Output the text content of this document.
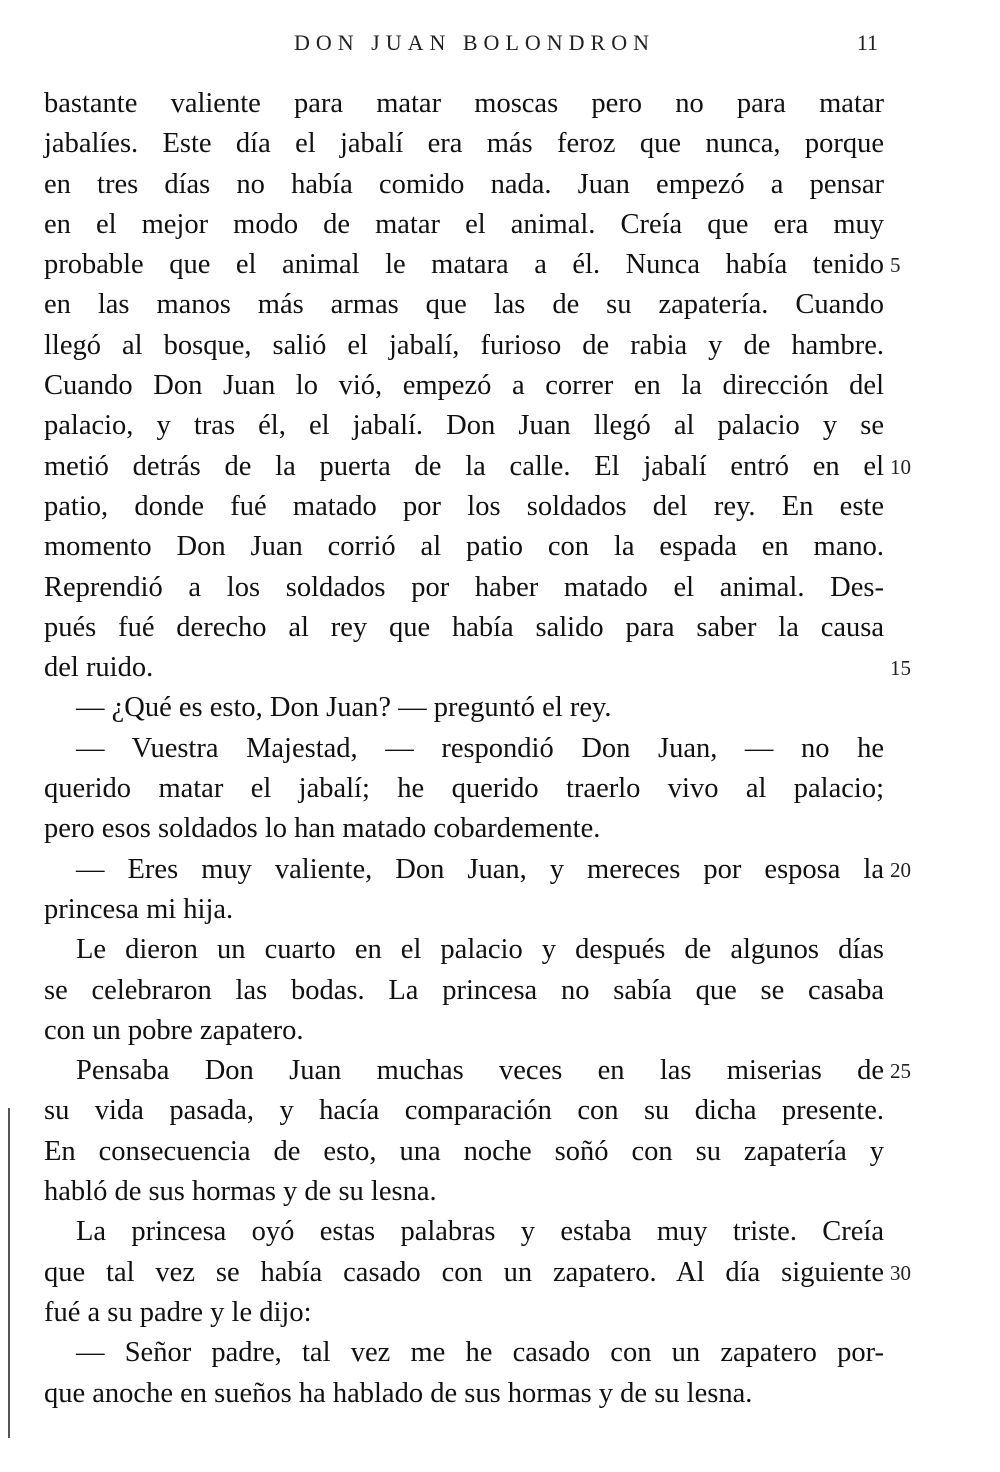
DON JUAN BOLONDRON	11
bastante valiente para matar moscas pero no para matar
jabalíes. Este día el jabalí era más feroz que nunca, porque
en tres días no había comido nada. Juan empezó a pensar
en el mejor modo de matar el animal. Creía que era muy
probable que el animal le matara a él. Nunca había tenido
en las manos más armas que las de su zapatería. Cuando
llegó al bosque, salió el jabalí, furioso de rabia y de hambre.
Cuando Don Juan lo vió, empezó a correr en la dirección del
palacio, y tras él, el jabalí. Don Juan llegó al palacio y se
metió detrás de la puerta de la calle. El jabalí entró en el
patio, donde fué matado por los soldados del rey. En este
momento Don Juan corrió al patio con la espada en mano.
Reprendió a los soldados por haber matado el animal. Des-
pués fué derecho al rey que había salido para saber la causa
del ruido.
— ¿Qué es esto, Don Juan? — preguntó el rey.
— Vuestra Majestad, — respondió Don Juan, — no he
querido matar el jabalí; he querido traerlo vivo al palacio;
pero esos soldados lo han matado cobardemente.
— Eres muy valiente, Don Juan, y mereces por esposa la
princesa mi hija.
Le dieron un cuarto en el palacio y después de algunos días
se celebraron las bodas. La princesa no sabía que se casaba
con un pobre zapatero.
Pensaba Don Juan muchas veces en las miserias de
su vida pasada, y hacía comparación con su dicha presente.
En consecuencia de esto, una noche soñó con su zapatería y
habló de sus hormas y de su lesna.
La princesa oyó estas palabras y estaba muy triste. Creía
que tal vez se había casado con un zapatero. Al día siguiente
fué a su padre y le dijo:
— Señor padre, tal vez me he casado con un zapatero por-
que anoche en sueños ha hablado de sus hormas y de su lesna.
5
10
15
20
25
30
